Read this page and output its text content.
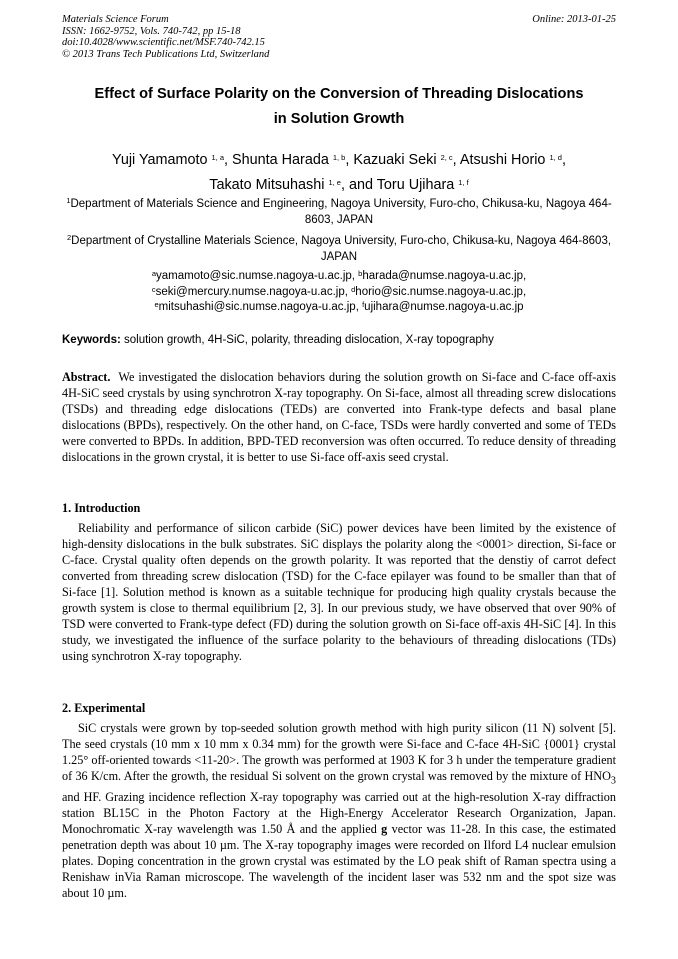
Materials Science Forum
ISSN: 1662-9752, Vols. 740-742, pp 15-18
doi:10.4028/www.scientific.net/MSF.740-742.15
© 2013 Trans Tech Publications Ltd, Switzerland
Online: 2013-01-25
Effect of Surface Polarity on the Conversion of Threading Dislocations
in Solution Growth
Yuji Yamamoto $^{1, a}$, Shunta Harada $^{1, b}$, Kazuaki Seki $^{2, c}$, Atsushi Horio $^{1, d}$,
Takato Mitsuhashi $^{1, e}$, and Toru Ujihara $^{1, f}$
$^1$Department of Materials Science and Engineering, Nagoya University, Furo-cho, Chikusa-ku, Nagoya 464-8603, JAPAN
$^2$Department of Crystalline Materials Science, Nagoya University, Furo-cho, Chikusa-ku, Nagoya 464-8603, JAPAN
$^a$yamamoto@sic.numse.nagoya-u.ac.jp, $^b$harada@numse.nagoya-u.ac.jp,
$^c$seki@mercury.numse.nagoya-u.ac.jp, $^d$horio@sic.numse.nagoya-u.ac.jp,
$^e$mitsuhashi@sic.numse.nagoya-u.ac.jp, $^f$ujihara@numse.nagoya-u.ac.jp
Keywords: solution growth, 4H-SiC, polarity, threading dislocation, X-ray topography
Abstract. We investigated the dislocation behaviors during the solution growth on Si-face and C-face off-axis 4H-SiC seed crystals by using synchrotron X-ray topography. On Si-face, almost all threading screw dislocations (TSDs) and threading edge dislocations (TEDs) are converted into Frank-type defects and basal plane dislocations (BPDs), respectively. On the other hand, on C-face, TSDs were hardly converted and some of TEDs were converted to BPDs. In addition, BPD-TED reconversion was often occurred. To reduce density of threading dislocations in the grown crystal, it is better to use Si-face off-axis seed crystal.
1. Introduction
Reliability and performance of silicon carbide (SiC) power devices have been limited by the existence of high-density dislocations in the bulk substrates. SiC displays the polarity along the <0001> direction, Si-face or C-face. Crystal quality often depends on the growth polarity. It was reported that the denstiy of carrot defect converted from threading screw dislocation (TSD) for the C-face epilayer was found to be smaller than that of Si-face [1]. Solution method is known as a suitable technique for producing high quality crystals because the growth system is close to thermal equilibrium [2, 3]. In our previous study, we have observed that over 90% of TSD were converted to Frank-type defect (FD) during the solution growth on Si-face off-axis 4H-SiC [4]. In this study, we investigated the influence of the surface polarity to the behaviours of threading dislocations (TDs) using synchrotron X-ray topography.
2. Experimental
SiC crystals were grown by top-seeded solution growth method with high purity silicon (11 N) solvent [5]. The seed crystals (10 mm x 10 mm x 0.34 mm) for the growth were Si-face and C-face 4H-SiC {0001} crystal 1.25° off-oriented towards <11-20>. The growth was performed at 1903 K for 3 h under the temperature gradient of 36 K/cm. After the growth, the residual Si solvent on the grown crystal was removed by the mixture of $HNO_3$ and HF. Grazing incidence reflection X-ray topography was carried out at the high-resolution X-ray diffraction station BL15C in the Photon Factory at the High-Energy Accelerator Research Organization, Japan. Monochromatic X-ray wavelength was 1.50 Å and the applied g vector was 11-28. In this case, the estimated penetration depth was about 10 µm. The X-ray topography images were recorded on Ilford L4 nuclear emulsion plates. Doping concentration in the grown crystal was estimated by the LO peak shift of Raman spectra using a Renishaw inVia Raman microscope. The wavelength of the incident laser was 532 nm and the spot size was about 10 µm.
